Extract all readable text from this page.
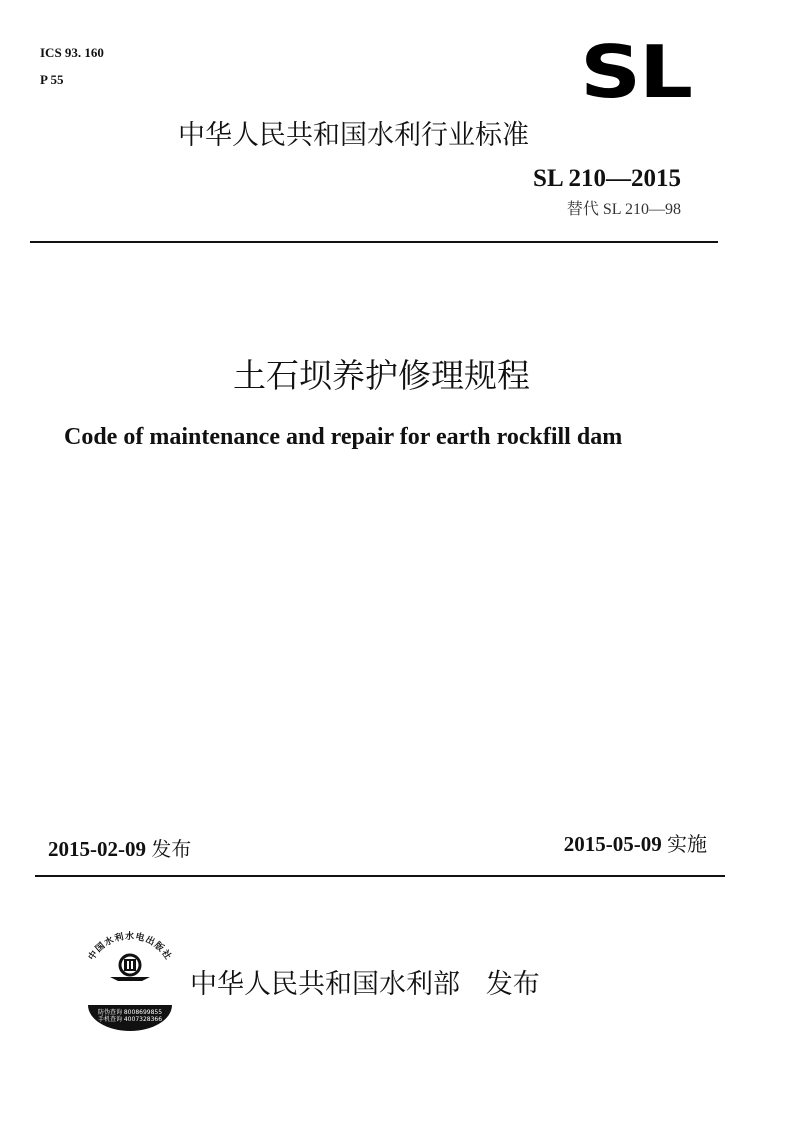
ICS 93. 160
P 55	SL
中华人民共和国水利行业标准
SL 210—2015
替代 SL 210—98
土石坝养护修理规程
Code of maintenance and repair for earth rockfill dam
2015-02-09 发布	2015-05-09 实施
中国水利水电出版社
防伪查询 8008699855
手机查询 4007328366
中华人民共和国水利部 发布
